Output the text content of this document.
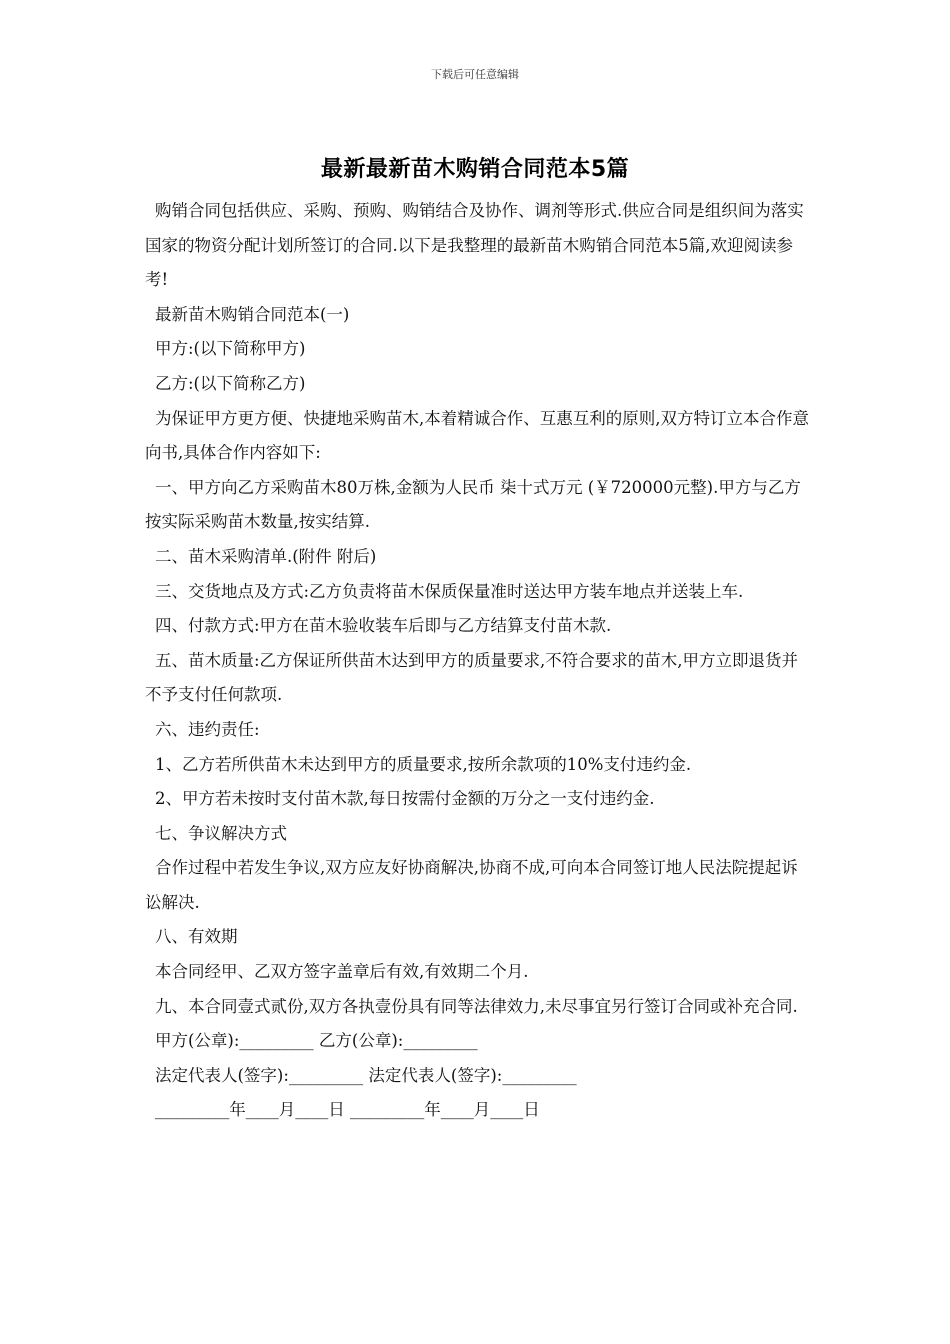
下载后可任意编辑
最新最新苗木购销合同范本5篇

购销合同包括供应、采购、预购、购销结合及协作、调剂等形式.供应合同是组织间为落实国家的物资分配计划所签订的合同.以下是我整理的最新苗木购销合同范本5篇,欢迎阅读参考!

最新苗木购销合同范本(一)

甲方:(以下简称甲方)

乙方:(以下简称乙方)

为保证甲方更方便、快捷地采购苗木,本着精诚合作、互惠互利的原则,双方特订立本合作意向书,具体合作内容如下:

一、甲方向乙方采购苗木80万株,金额为人民币 柒十式万元 (￥720000元整).甲方与乙方按实际采购苗木数量,按实结算.

二、苗木采购清单.(附件 附后)

三、交货地点及方式:乙方负责将苗木保质保量准时送达甲方装车地点并送装上车.

四、付款方式:甲方在苗木验收装车后即与乙方结算支付苗木款.

五、苗木质量:乙方保证所供苗木达到甲方的质量要求,不符合要求的苗木,甲方立即退货并不予支付任何款项.

六、违约责任:

1、乙方若所供苗木未达到甲方的质量要求,按所余款项的10%支付违约金.

2、甲方若未按时支付苗木款,每日按需付金额的万分之一支付违约金.

七、争议解决方式

合作过程中若发生争议,双方应友好协商解决,协商不成,可向本合同签订地人民法院提起诉讼解决.

八、有效期

本合同经甲、乙双方签字盖章后有效,有效期二个月.

九、本合同壹式贰份,双方各执壹份具有同等法律效力,未尽事宜另行签订合同或补充合同.

甲方(公章):_________ 乙方(公章):_________

法定代表人(签字):_________ 法定代表人(签字):_________

_________年____月____日 _________年____月____日
